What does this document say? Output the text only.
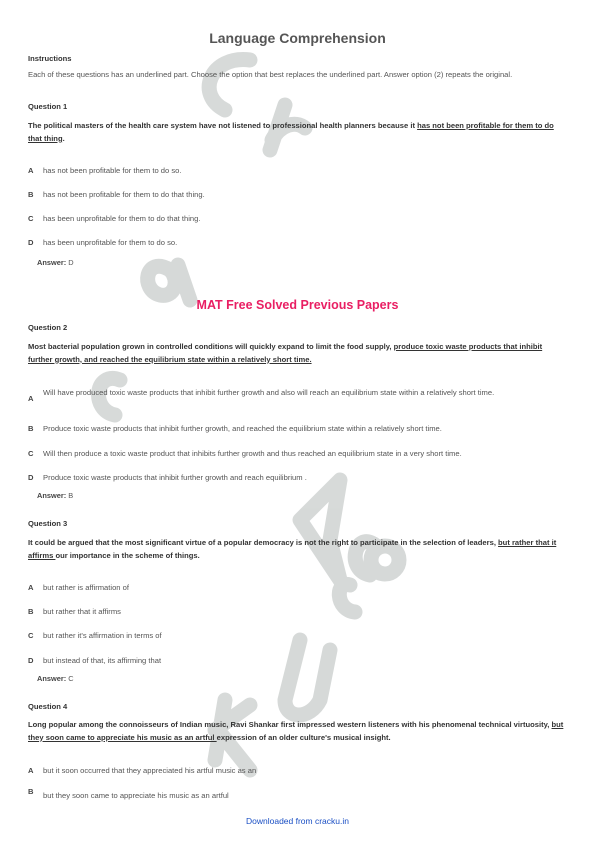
Language Comprehension
Instructions
Each of these questions has an underlined part. Choose the option that best replaces the underlined part. Answer option (2) repeats the original.
Question 1
The political masters of the health care system have not listened to professional health planners because it has not been profitable for them to do that thing.
A	has not been profitable for them to do so.
B	has not been profitable for them to do that thing.
C	has been unprofitable for them to do that thing.
D	has been unprofitable for them to do so.
Answer: D
MAT Free Solved Previous Papers
Question 2
Most bacterial population grown in controlled conditions will quickly expand to limit the food supply, produce toxic waste products that inhibit further growth, and reached the equilibrium state within a relatively short time.
A
Will have produced toxic waste products that inhibit further growth and also will reach an equilibrium state within a relatively short time.
B	Produce toxic waste products that inhibit further growth, and reached the equilibrium state within a relatively short time.
C	Will then produce a toxic waste product that inhibits further growth and thus reached an equilibrium state in a very short time.
D	Produce toxic waste products that inhibit further growth and reach equilibrium .
Answer: B
Question 3
It could be argued that the most significant virtue of a popular democracy is not the right to participate in the selection of leaders, but rather that it affirms our importance in the scheme of things.
A	but rather is affirmation of
B	but rather that it affirms
C	but rather it's affirmation in terms of
D	but instead of that, its affirming that
Answer: C
Question 4
Long popular among the connoisseurs of Indian music, Ravi Shankar first impressed western listeners with his phenomenal technical virtuosity, but they soon came to appreciate his music as an artful expression of an older culture's musical insight.
A	but it soon occurred that they appreciated his artful music as an
B	but they soon came to appreciate his music as an artful
Downloaded from cracku.in
